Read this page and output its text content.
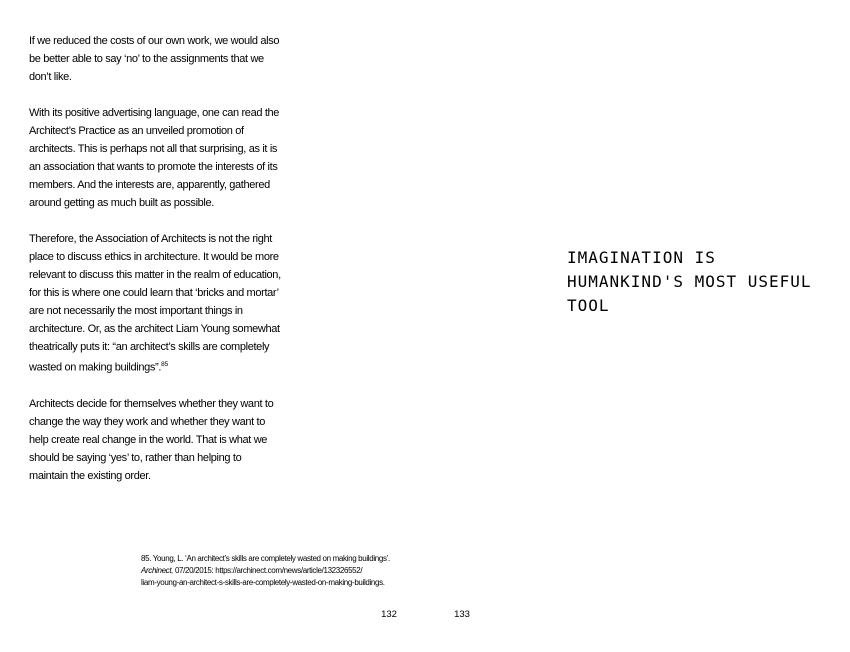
If we reduced the costs of our own work, we would also
be better able to say ‘no’ to the assignments that we
don’t like.

With its positive advertising language, one can read the
Architect’s Practice as an unveiled promotion of
architects. This is perhaps not all that surprising, as it is
an association that wants to promote the interests of its
members. And the interests are, apparently, gathered
around getting as much built as possible.

Therefore, the Association of Architects is not the right
place to discuss ethics in architecture. It would be more
relevant to discuss this matter in the realm of education,
for this is where one could learn that ‘bricks and mortar’
are not necessarily the most important things in
architecture. Or, as the architect Liam Young somewhat
theatrically puts it: “an architect’s skills are completely
wasted on making buildings”.$^{85}$

Architects decide for themselves whether they want to
change the way they work and whether they want to
help create real change in the world. That is what we
should be saying ‘yes’ to, rather than helping to
maintain the existing order.

85. Young, L. ‘An architect’s skills are completely wasted on making buildings’.
Archinect, 07/20/2015: https://archinect.com/news/article/132326552/
liam-young-an-architect-s-skills-are-completely-wasted-on-making-buildings.
132
IMAGINATION IS
HUMANKIND'S MOST USEFUL
TOOL
133
